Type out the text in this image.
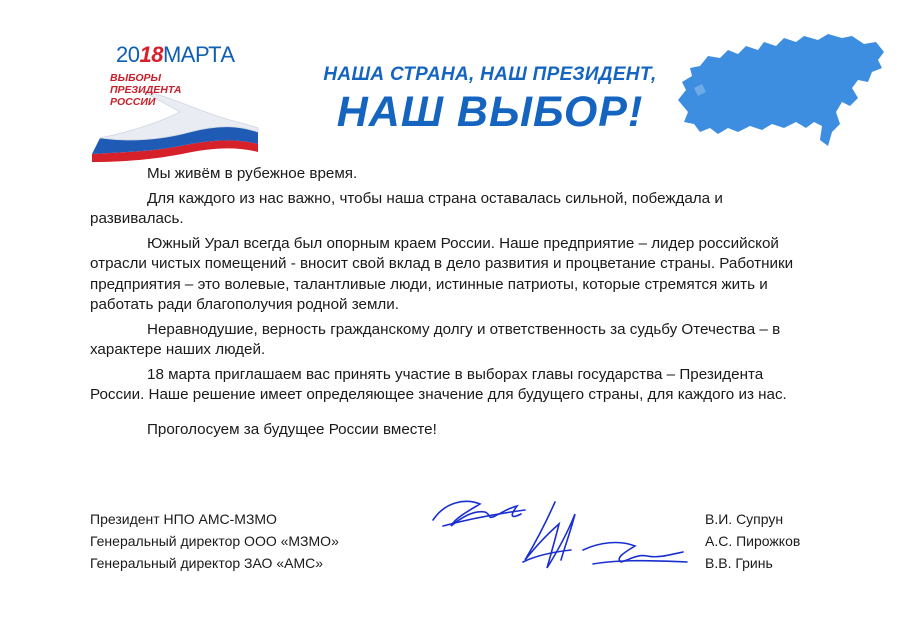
2018МАРТА
ВЫБОРЫ
ПРЕЗИДЕНТА
РОССИИ
НАША СТРАНА, НАШ ПРЕЗИДЕНТ,
НАШ ВЫБОР!

Мы живём в рубежное время.

Для каждого из нас важно, чтобы наша страна оставалась сильной, побеждала и развивалась.

Южный Урал всегда был опорным краем России. Наше предприятие – лидер российской отрасли чистых помещений - вносит свой вклад в дело развития и процветание страны. Работники предприятия – это волевые, талантливые люди, истинные патриоты, которые стремятся жить и работать ради благополучия родной земли.

Неравнодушие, верность гражданскому долгу и ответственность за судьбу Отечества – в характере наших людей.

18 марта приглашаем вас принять участие в выборах главы государства – Президента России. Наше решение имеет определяющее значение для будущего страны, для каждого из нас.

Проголосуем за будущее России вместе!

Президент НПО АМС-МЗМО
Генеральный директор ООО «МЗМО»
Генеральный директор ЗАО «АМС»
В.И. Супрун
А.С. Пирожков
В.В. Гринь
